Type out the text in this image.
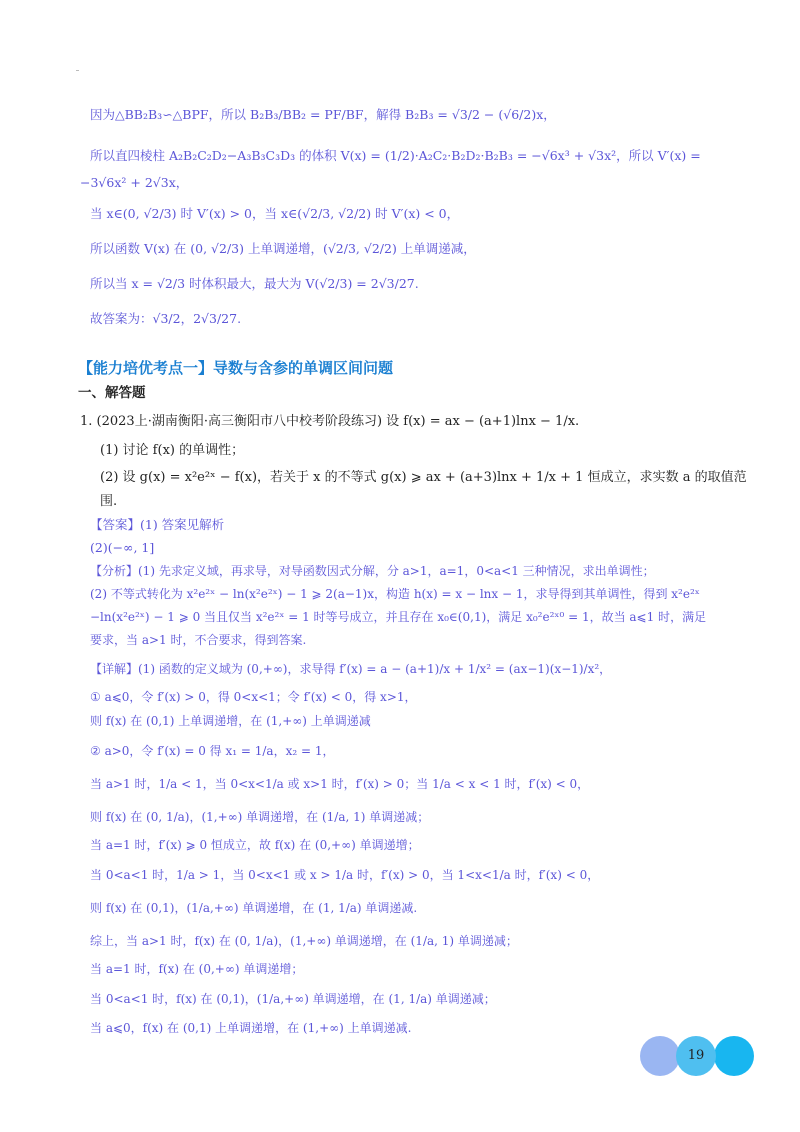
因为△BB₂B₃∽△BPF，所以 B₂B₃/BB₂ = PF/BF，解得 B₂B₃ = √3/2 − (√6/2)x，
所以直四棱柱 A₂B₂C₂D₂−A₃B₃C₃D₃ 的体积 V(x) = (1/2)·A₂C₂·B₂D₂·B₂B₃ = −√6x³ + √3x²，所以 V′(x) =
−3√6x² + 2√3x，
当 x∈(0, √2/3) 时 V′(x) > 0，当 x∈(√2/3, √2/2) 时 V′(x) < 0，
所以函数 V(x) 在 (0, √2/3) 上单调递增，(√2/3, √2/2) 上单调递减，
所以当 x = √2/3 时体积最大，最大为 V(√2/3) = 2√3/27.
故答案为：√3/2，2√3/27.
【能力培优考点一】导数与含参的单调区间问题
一、解答题
1. (2023上·湖南衡阳·高三衡阳市八中校考阶段练习) 设 f(x) = ax − (a+1)lnx − 1/x.
(1) 讨论 f(x) 的单调性；
(2) 设 g(x) = x²e²ˣ − f(x)，若关于 x 的不等式 g(x) ⩾ ax + (a+3)lnx + 1/x + 1 恒成立，求实数 a 的取值范
围.
【答案】(1) 答案见解析
(2)(−∞, 1]
【分析】(1) 先求定义域，再求导，对导函数因式分解，分 a>1，a=1，0<a<1 三种情况，求出单调性；
(2) 不等式转化为 x²e²ˣ − ln(x²e²ˣ) − 1 ⩾ 2(a−1)x，构造 h(x) = x − lnx − 1，求导得到其单调性，得到 x²e²ˣ
−ln(x²e²ˣ) − 1 ⩾ 0 当且仅当 x²e²ˣ = 1 时等号成立，并且存在 x₀∈(0,1)，满足 x₀²e²ˣ⁰ = 1，故当 a⩽1 时，满足
要求，当 a>1 时，不合要求，得到答案.
【详解】(1) 函数的定义域为 (0,+∞)，求导得 f′(x) = a − (a+1)/x + 1/x² = (ax−1)(x−1)/x²，
① a⩽0，令 f′(x) > 0，得 0<x<1；令 f′(x) < 0，得 x>1，
则 f(x) 在 (0,1) 上单调递增，在 (1,+∞) 上单调递减
② a>0，令 f′(x) = 0 得 x₁ = 1/a，x₂ = 1，
当 a>1 时，1/a < 1，当 0<x<1/a 或 x>1 时，f′(x) > 0；当 1/a < x < 1 时，f′(x) < 0，
则 f(x) 在 (0, 1/a)，(1,+∞) 单调递增，在 (1/a, 1) 单调递减；
当 a=1 时，f′(x) ⩾ 0 恒成立，故 f(x) 在 (0,+∞) 单调递增；
当 0<a<1 时，1/a > 1，当 0<x<1 或 x > 1/a 时，f′(x) > 0，当 1<x<1/a 时，f′(x) < 0，
则 f(x) 在 (0,1)，(1/a,+∞) 单调递增，在 (1, 1/a) 单调递减.
综上，当 a>1 时，f(x) 在 (0, 1/a)，(1,+∞) 单调递增，在 (1/a, 1) 单调递减；
当 a=1 时，f(x) 在 (0,+∞) 单调递增；
当 0<a<1 时，f(x) 在 (0,1)，(1/a,+∞) 单调递增，在 (1, 1/a) 单调递减；
当 a⩽0，f(x) 在 (0,1) 上单调递增，在 (1,+∞) 上单调递减.
19
